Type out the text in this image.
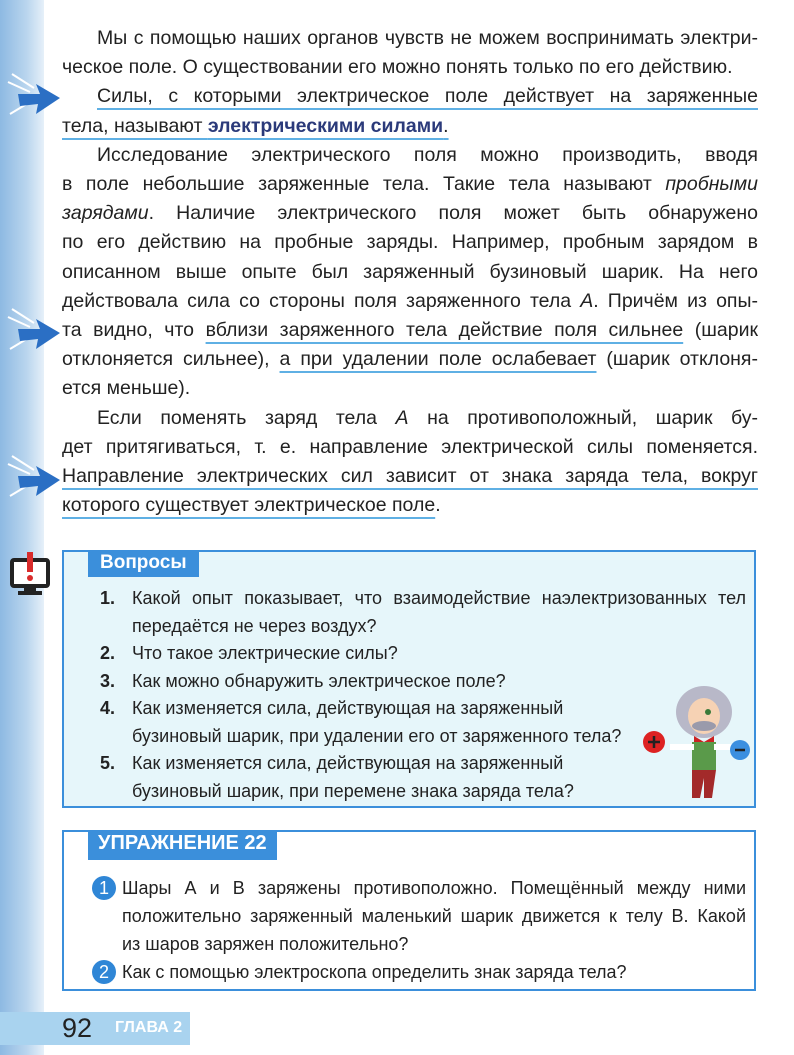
Мы с помощью наших органов чувств не можем воспринимать электри-
ческое поле. О существовании его можно понять только по его действию.
Силы, с которыми электрическое поле действует на заряженные
тела, называют электрическими силами.
Исследование электрического поля можно производить, вводя
в поле небольшие заряженные тела. Такие тела называют пробными
зарядами. Наличие электрического поля может быть обнаружено
по его действию на пробные заряды. Например, пробным зарядом в
описанном выше опыте был заряженный бузиновый шарик. На него
действовала сила со стороны поля заряженного тела А. Причём из опы-
та видно, что вблизи заряженного тела действие поля сильнее (шарик
отклоняется сильнее), а при удалении поле ослабевает (шарик отклоня-
ется меньше).
Если поменять заряд тела А на противоположный, шарик бу-
дет притягиваться, т. е. направление электрической силы поменяется.
Направление электрических сил зависит от знака заряда тела, вокруг
которого существует электрическое поле.
Вопросы
1. Какой опыт показывает, что взаимодействие наэлектризованных тел
передаётся не через воздух?
2. Что такое электрические силы?
3. Как можно обнаружить электрическое поле?
4. Как изменяется сила, действующая на заряженный
бузиновый шарик, при удалении его от заряженного тела?
5. Как изменяется сила, действующая на заряженный
бузиновый шарик, при перемене знака заряда тела?
УПРАЖНЕНИЕ 22
1 Шары А и В заряжены противоположно. Помещённый между ними
положительно заряженный маленький шарик движется к телу В. Какой
из шаров заряжен положительно?
2 Как с помощью электроскопа определить знак заряда тела?
92 ГЛАВА 2
